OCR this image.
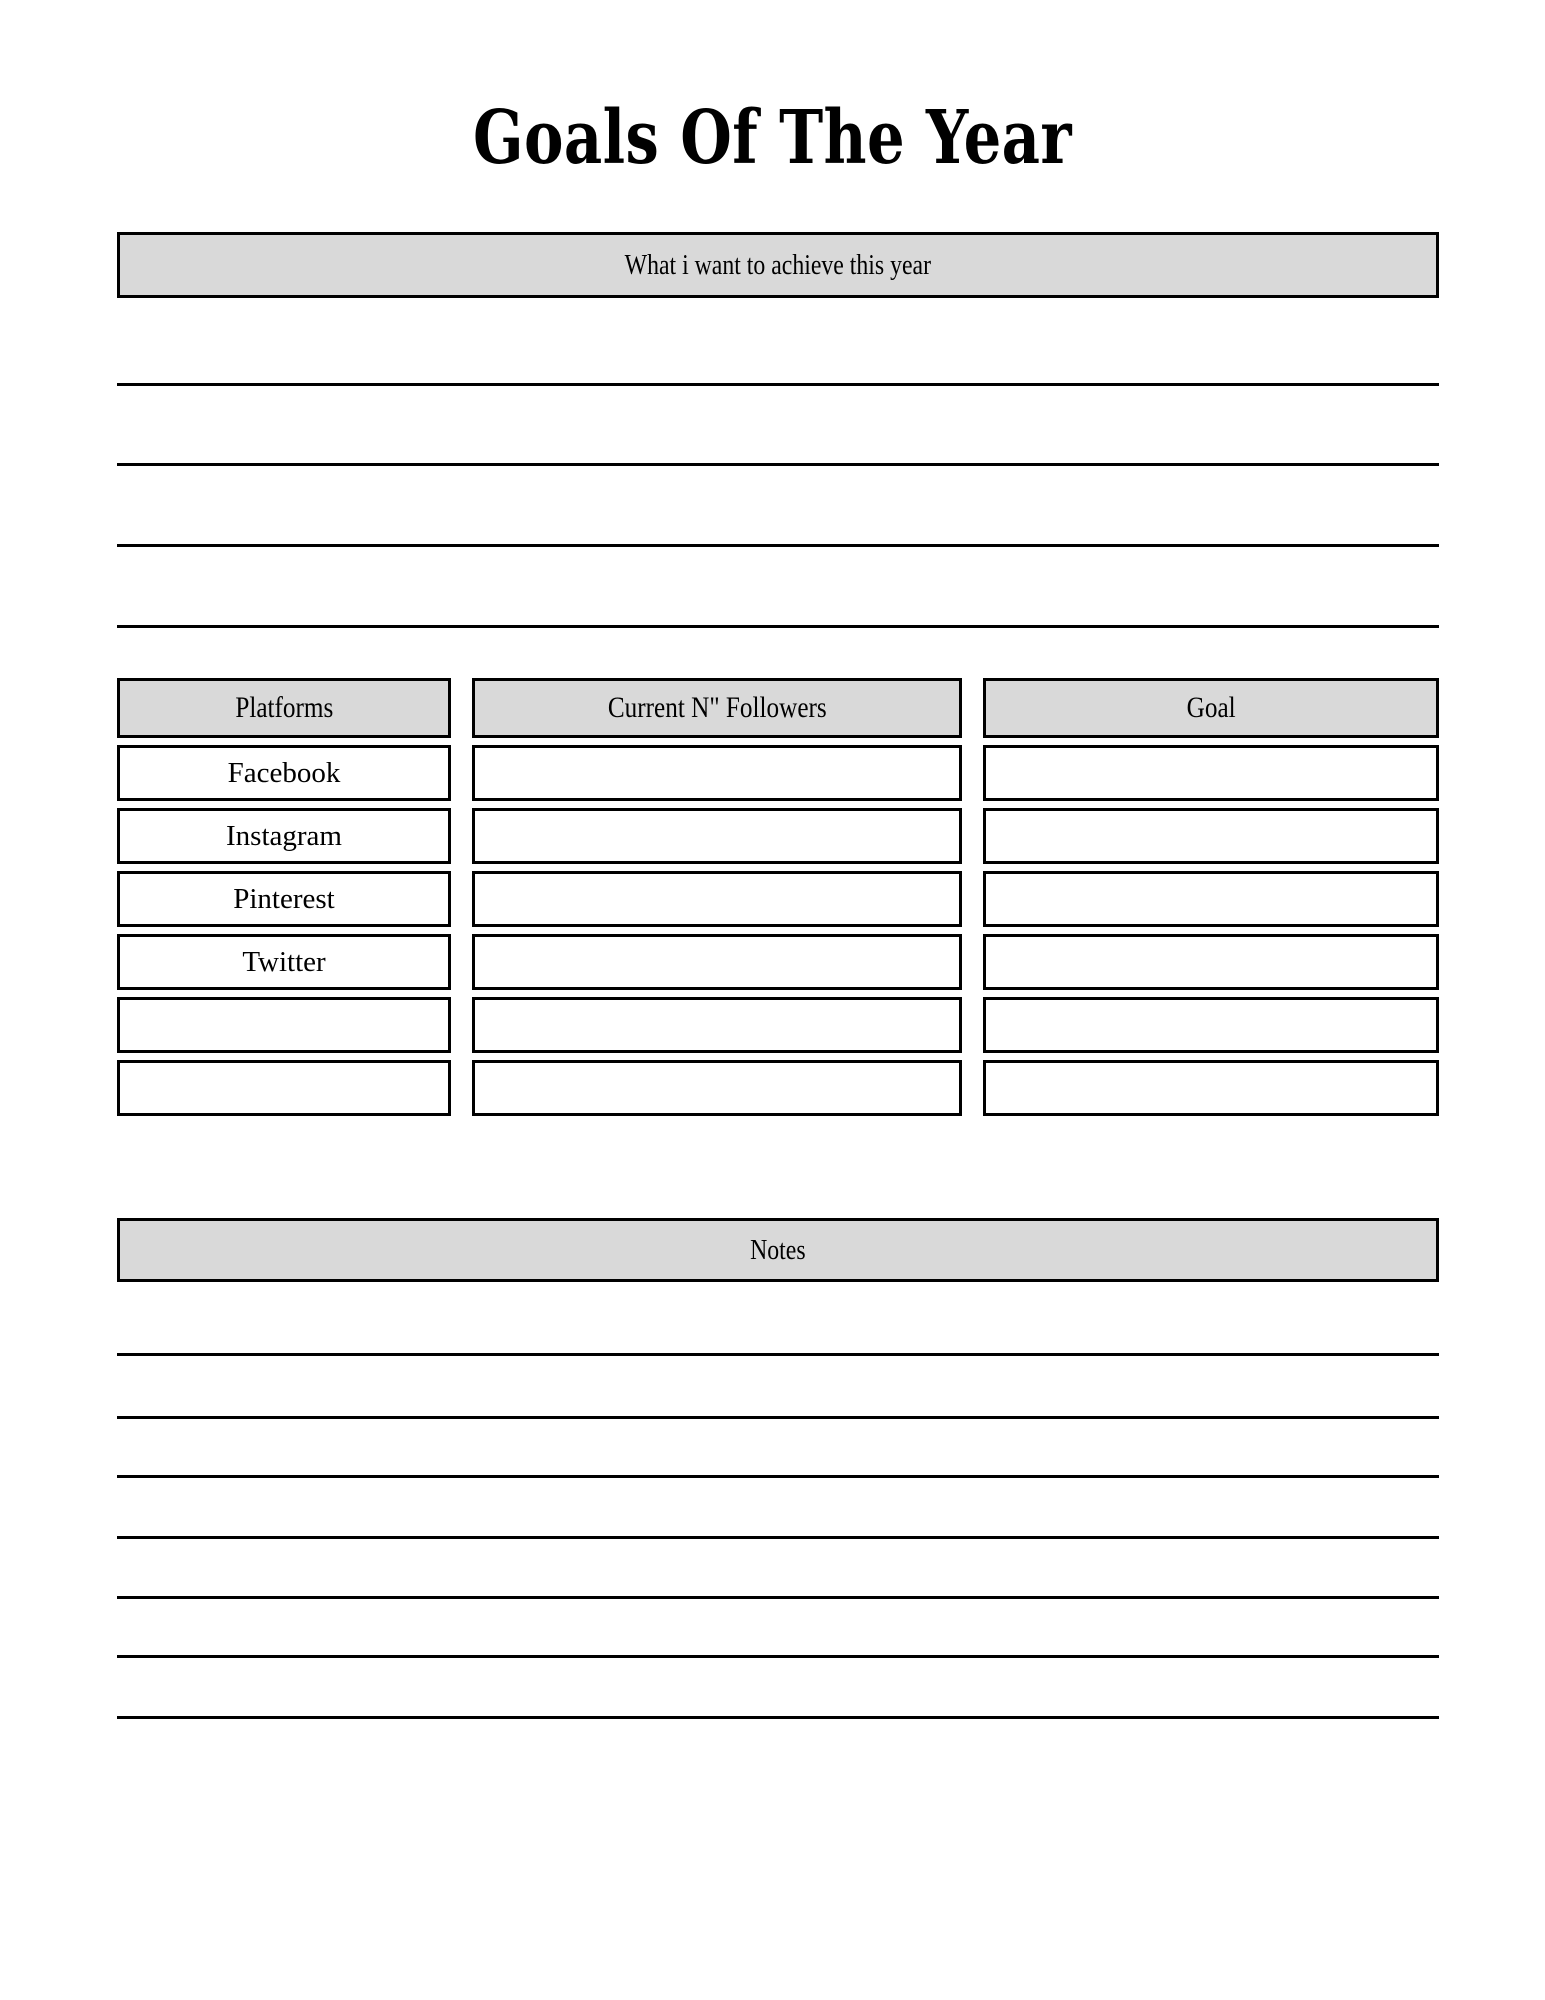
Goals Of The Year
What i want to achieve this year
Platforms	Current N" Followers	Goal
Facebook
Instagram
Pinterest
Twitter
Notes
